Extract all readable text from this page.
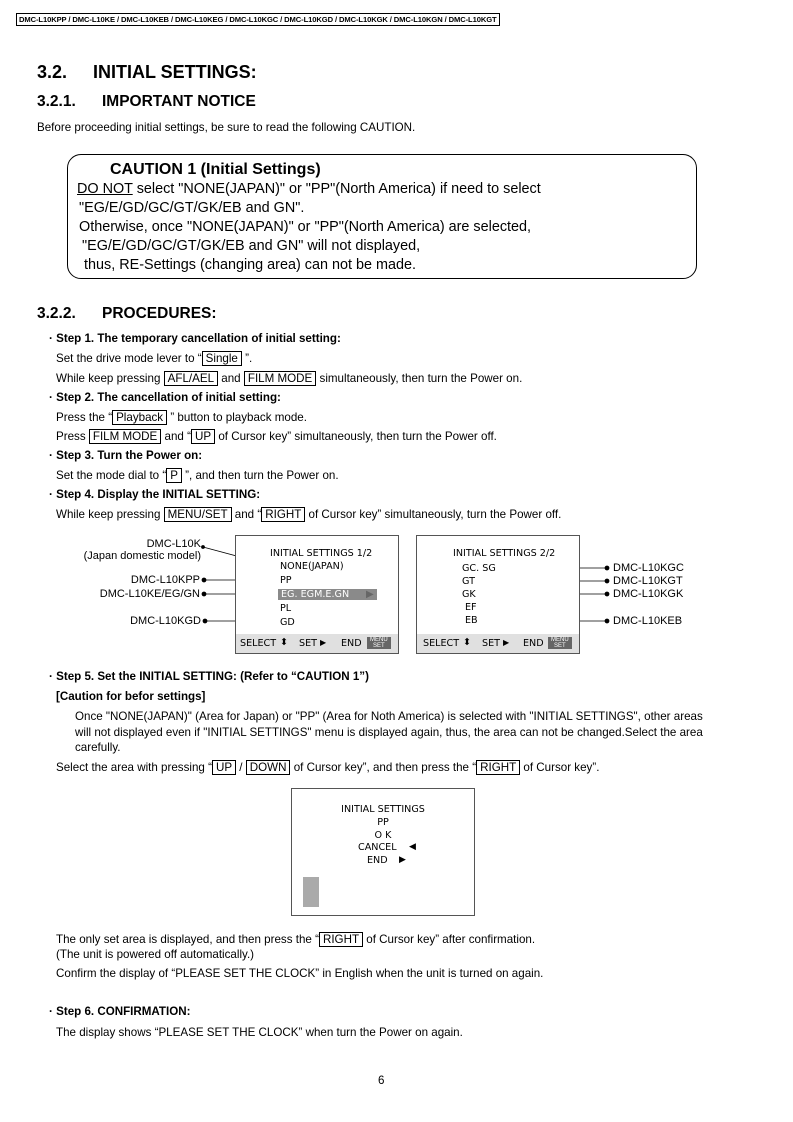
DMC-L10KPP / DMC-L10KE / DMC-L10KEB / DMC-L10KEG / DMC-L10KGC / DMC-L10KGD / DMC-L10KGK / DMC-L10KGN / DMC-L10KGT
3.2. INITIAL SETTINGS:
3.2.1. IMPORTANT NOTICE
Before proceeding initial settings, be sure to read the following CAUTION.
CAUTION 1 (Initial Settings)
DO NOT select "NONE(JAPAN)" or "PP"(North America) if need to select
"EG/E/GD/GC/GT/GK/EB and GN".
Otherwise, once "NONE(JAPAN)" or "PP"(North America) are selected,
"EG/E/GD/GC/GT/GK/EB and GN" will not displayed,
thus, RE-Settings (changing area) can not be made.
3.2.2. PROCEDURES:
· Step 1. The temporary cancellation of initial setting:
Set the drive mode lever to “ Single ”.
While keep pressing AFL/AEL and FILM MODE simultaneously, then turn the Power on.
· Step 2. The cancellation of initial setting:
Press the “ Playback ” button to playback mode.
Press FILM MODE and “ UP of Cursor key” simultaneously, then turn the Power off.
· Step 3. Turn the Power on:
Set the mode dial to “ P ”, and then turn the Power on.
· Step 4. Display the INITIAL SETTING:
While keep pressing MENU/SET and “ RIGHT of Cursor key” simultaneously, turn the Power off.
DMC-L10K
(Japan domestic model)
DMC-L10KPP
DMC-L10KE/EG/GN
DMC-L10KGD
DMC-L10KGC
DMC-L10KGT
DMC-L10KGK
DMC-L10KEB
INITIAL SETTINGS 1/2
NONE(JAPAN)
PP
EG. EGM.E.GN	▶
PL
GD
SELECT ⬍ SET ▶ END	MENU
SET
INITIAL SETTINGS 2/2
GC. SG
GT
GK
EF
EB
SELECT ⬍ SET ▶ END	MENU
SET
· Step 5. Set the INITIAL SETTING: (Refer to “CAUTION 1”)
[Caution for befor settings]
Once "NONE(JAPAN)" (Area for Japan) or "PP" (Area for Noth America) is selected with "INITIAL SETTINGS", other areas
will not displayed even if "INITIAL SETTINGS" menu is displayed again, thus, the area can not be changed.Select the area
carefully.
Select the area with pressing “ UP / DOWN of Cursor key”, and then press the “ RIGHT of Cursor key”.
INITIAL SETTINGS
PP
O K
CANCEL ◀
END ▶
The only set area is displayed, and then press the “ RIGHT of Cursor key” after confirmation.
(The unit is powered off automatically.)
Confirm the display of “PLEASE SET THE CLOCK” in English when the unit is turned on again.
· Step 6. CONFIRMATION:
The display shows “PLEASE SET THE CLOCK” when turn the Power on again.
6
